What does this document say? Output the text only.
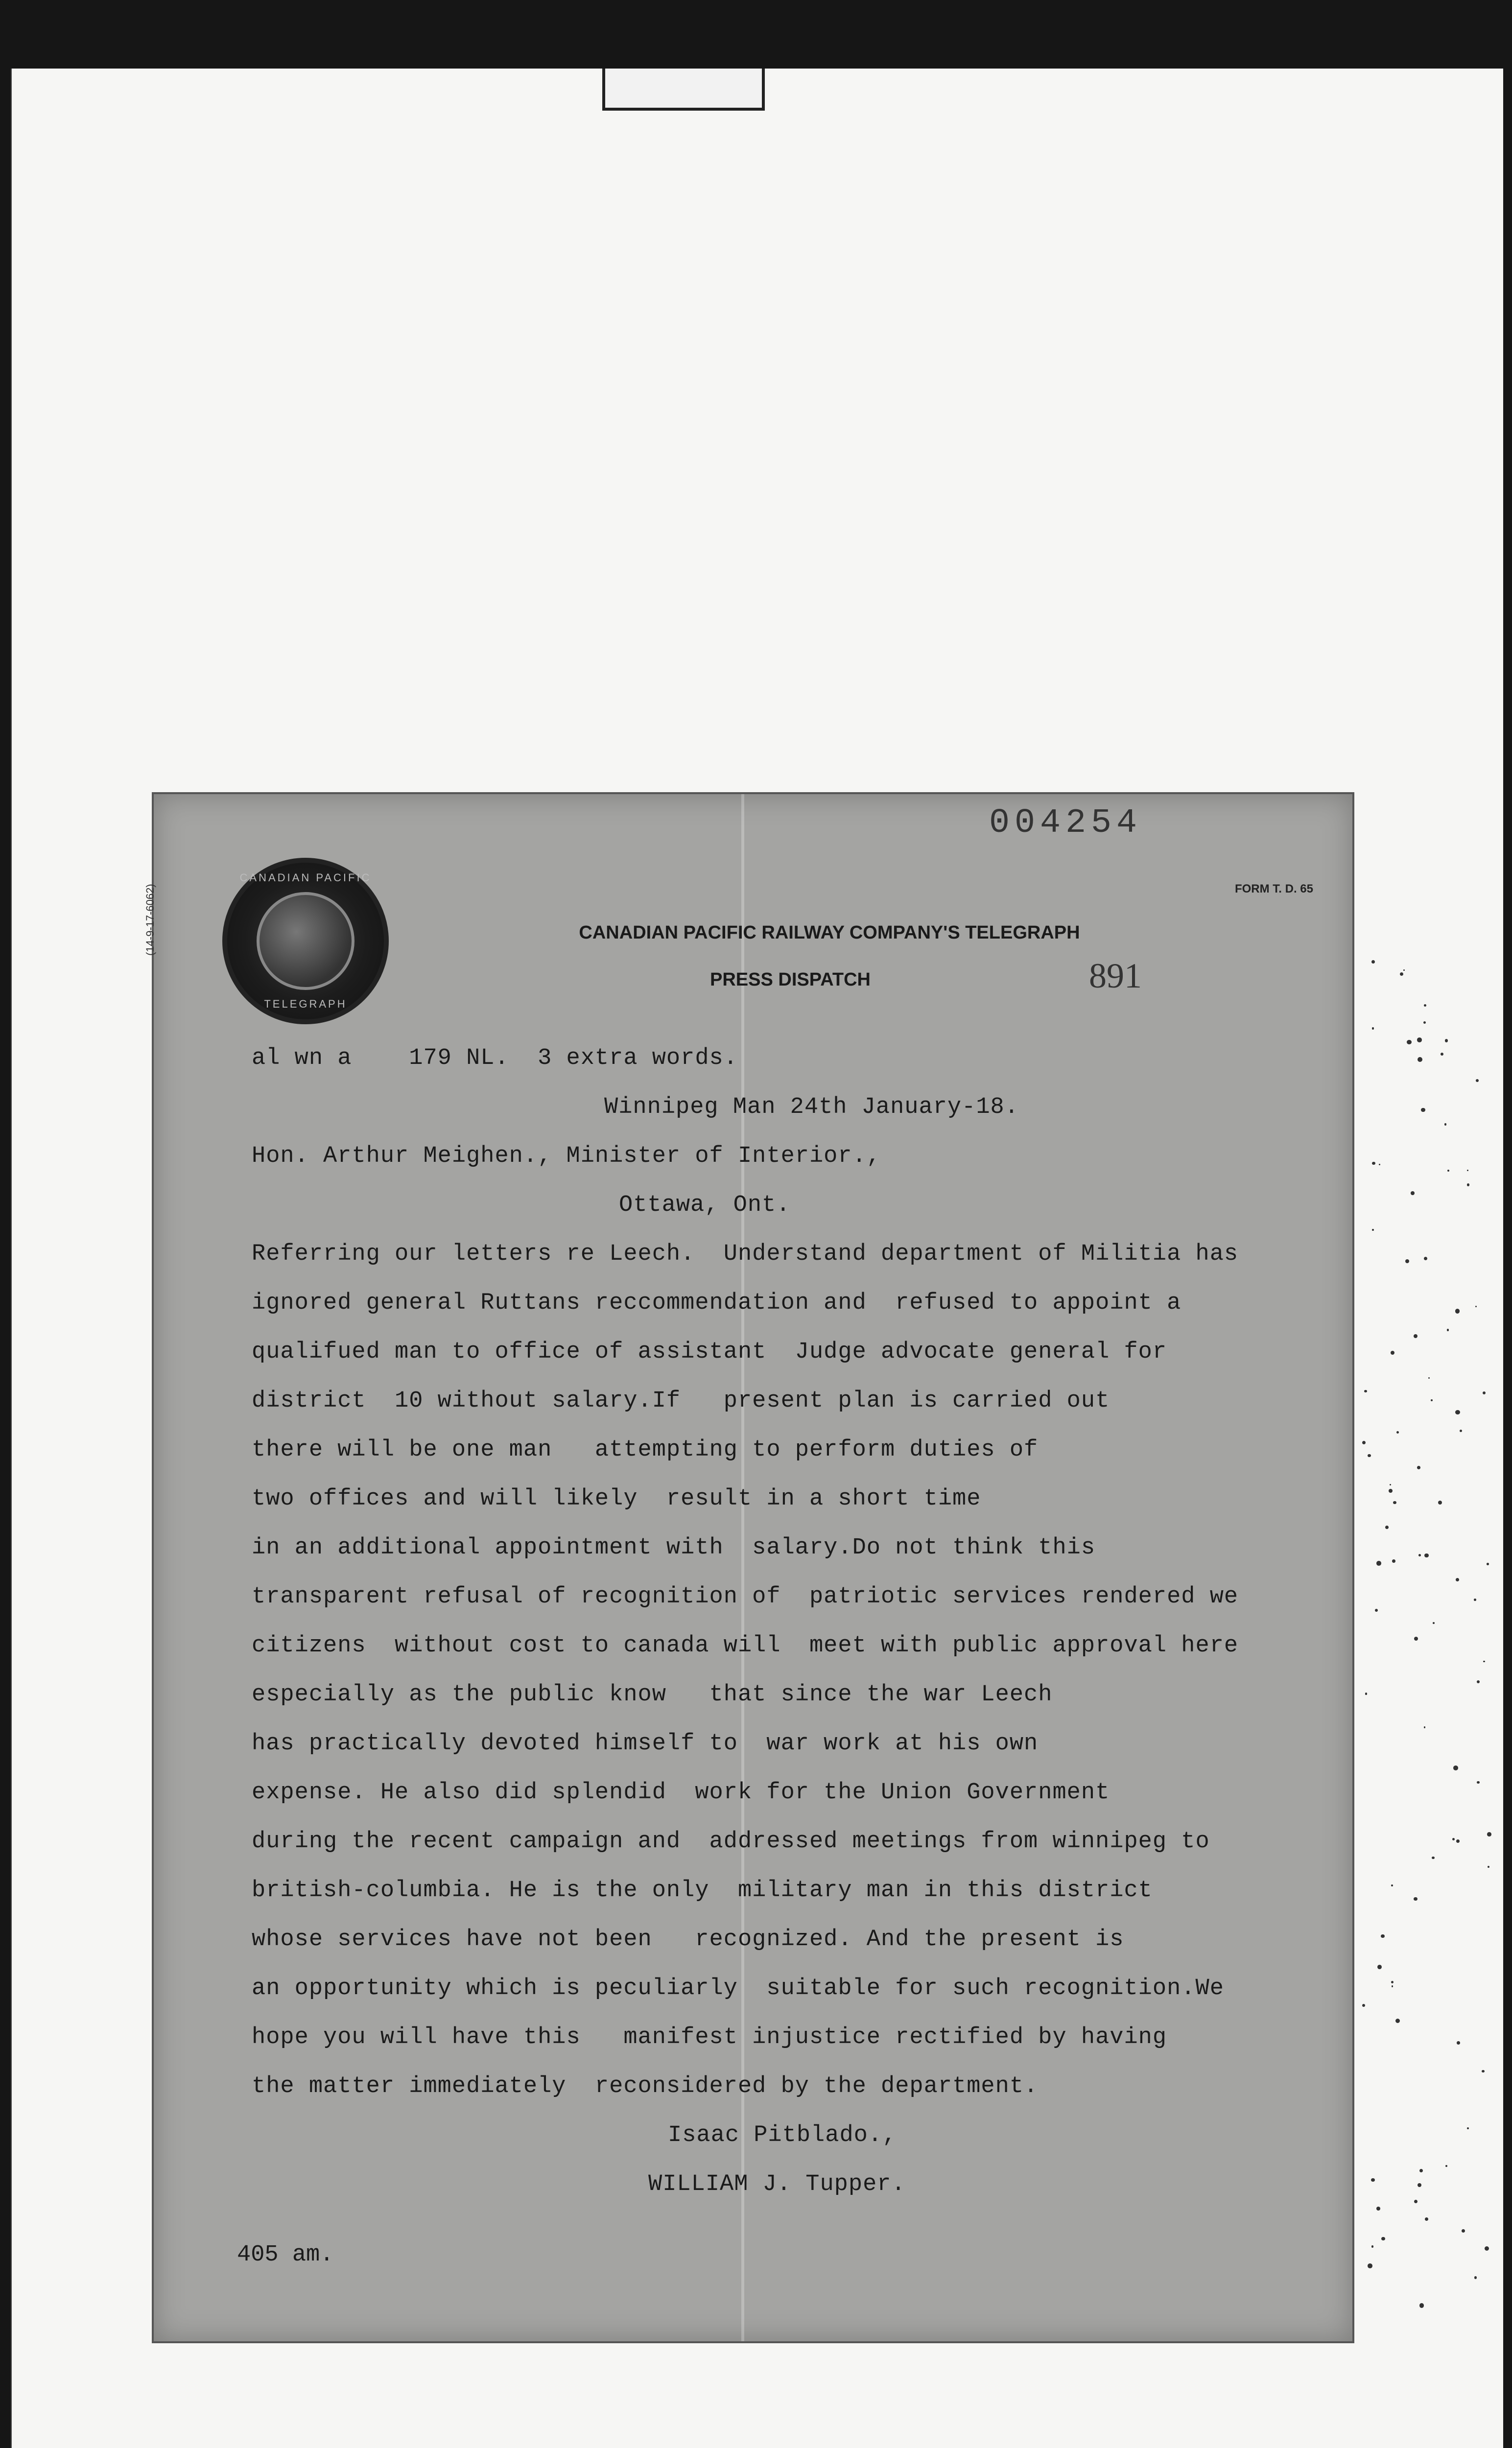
004254
FORM T. D. 65
(14-9-17-6062)
CANADIAN PACIFIC
TELEGRAPH
CANADIAN PACIFIC RAILWAY COMPANY'S TELEGRAPH
PRESS DISPATCH	891
al wn a    179 NL.  3 extra words.
Winnipeg Man 24th January-18.
Hon. Arthur Meighen., Minister of Interior.,
Ottawa, Ont.
Referring our letters re Leech.  Understand department of Militia has
ignored general Ruttans reccommendation and  refused to appoint a
qualifued man to office of assistant  Judge advocate general for
district  10 without salary.If   present plan is carried out
there will be one man   attempting to perform duties of
two offices and will likely  result in a short time
in an additional appointment with  salary.Do not think this
transparent refusal of recognition of  patriotic services rendered we
citizens  without cost to canada will  meet with public approval here
especially as the public know   that since the war Leech
has practically devoted himself to  war work at his own
expense. He also did splendid  work for the Union Government
during the recent campaign and  addressed meetings from winnipeg to
british-columbia. He is the only  military man in this district
whose services have not been   recognized. And the present is
an opportunity which is peculiarly  suitable for such recognition.We
hope you will have this   manifest injustice rectified by having
the matter immediately  reconsidered by the department.
Isaac Pitblado.,
WILLIAM J. Tupper.
405 am.
